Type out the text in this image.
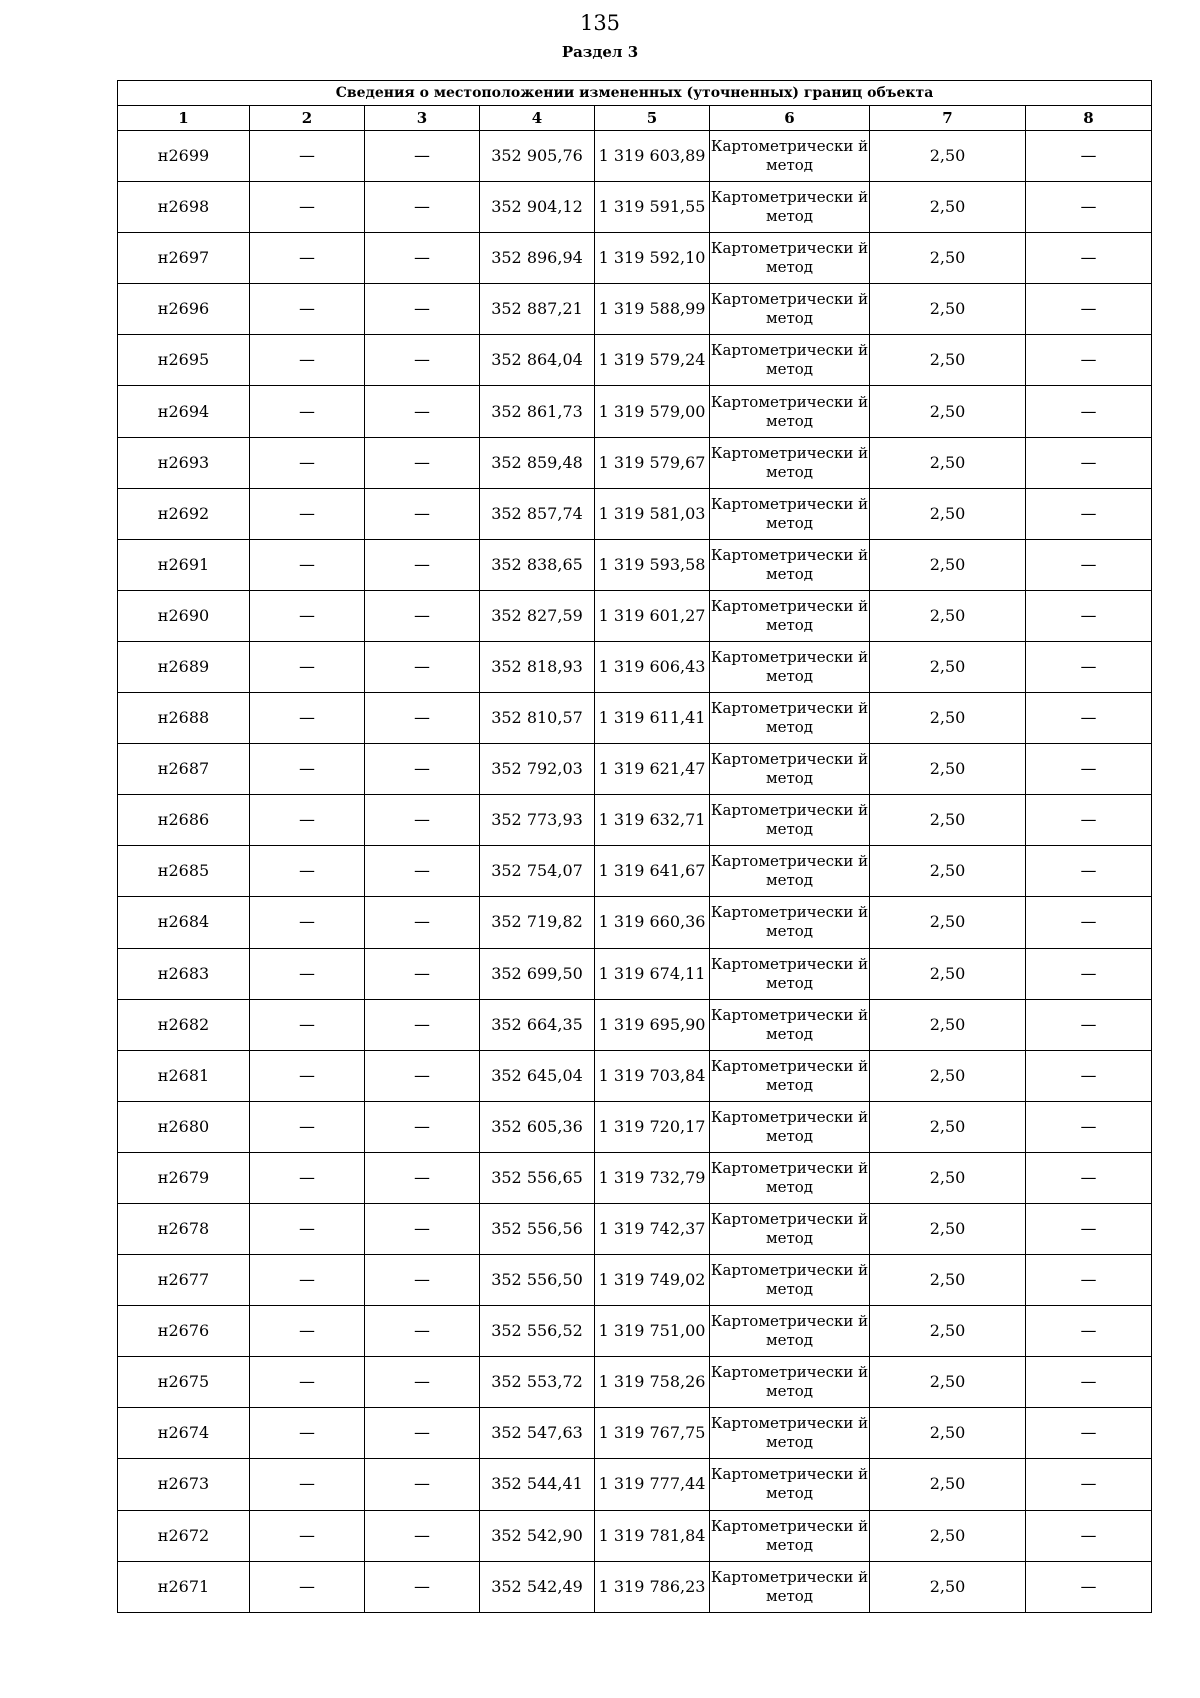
135
Раздел 3
Сведения о местоположении измененных (уточненных) границ объекта							
1	2	3	4	5	6	7	8
н2699	—	—	352 905,76	1 319 603,89	Картометрически й метод	2,50	—
н2698	—	—	352 904,12	1 319 591,55	Картометрически й метод	2,50	—
н2697	—	—	352 896,94	1 319 592,10	Картометрически й метод	2,50	—
н2696	—	—	352 887,21	1 319 588,99	Картометрически й метод	2,50	—
н2695	—	—	352 864,04	1 319 579,24	Картометрически й метод	2,50	—
н2694	—	—	352 861,73	1 319 579,00	Картометрически й метод	2,50	—
н2693	—	—	352 859,48	1 319 579,67	Картометрически й метод	2,50	—
н2692	—	—	352 857,74	1 319 581,03	Картометрически й метод	2,50	—
н2691	—	—	352 838,65	1 319 593,58	Картометрически й метод	2,50	—
н2690	—	—	352 827,59	1 319 601,27	Картометрически й метод	2,50	—
н2689	—	—	352 818,93	1 319 606,43	Картометрически й метод	2,50	—
н2688	—	—	352 810,57	1 319 611,41	Картометрически й метод	2,50	—
н2687	—	—	352 792,03	1 319 621,47	Картометрически й метод	2,50	—
н2686	—	—	352 773,93	1 319 632,71	Картометрически й метод	2,50	—
н2685	—	—	352 754,07	1 319 641,67	Картометрически й метод	2,50	—
н2684	—	—	352 719,82	1 319 660,36	Картометрически й метод	2,50	—
н2683	—	—	352 699,50	1 319 674,11	Картометрически й метод	2,50	—
н2682	—	—	352 664,35	1 319 695,90	Картометрически й метод	2,50	—
н2681	—	—	352 645,04	1 319 703,84	Картометрически й метод	2,50	—
н2680	—	—	352 605,36	1 319 720,17	Картометрически й метод	2,50	—
н2679	—	—	352 556,65	1 319 732,79	Картометрически й метод	2,50	—
н2678	—	—	352 556,56	1 319 742,37	Картометрически й метод	2,50	—
н2677	—	—	352 556,50	1 319 749,02	Картометрически й метод	2,50	—
н2676	—	—	352 556,52	1 319 751,00	Картометрически й метод	2,50	—
н2675	—	—	352 553,72	1 319 758,26	Картометрически й метод	2,50	—
н2674	—	—	352 547,63	1 319 767,75	Картометрически й метод	2,50	—
н2673	—	—	352 544,41	1 319 777,44	Картометрически й метод	2,50	—
н2672	—	—	352 542,90	1 319 781,84	Картометрически й метод	2,50	—
н2671	—	—	352 542,49	1 319 786,23	Картометрически й метод	2,50	—
